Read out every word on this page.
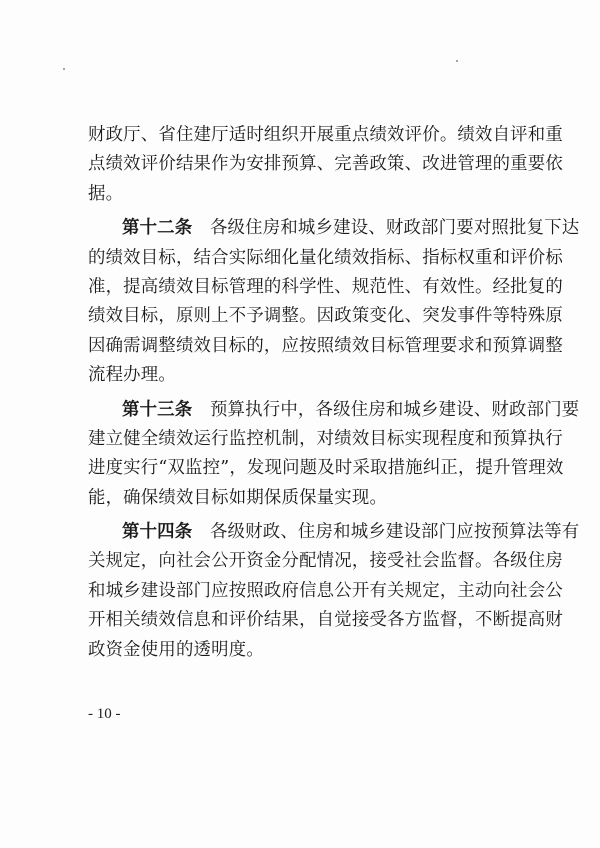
财政厅、省住建厅适时组织开展重点绩效评价。绩效自评和重
点绩效评价结果作为安排预算、完善政策、改进管理的重要依
据。

第十二条　 各级住房和城乡建设、财政部门要对照批复下达
的绩效目标，结合实际细化量化绩效指标、指标权重和评价标
准，提高绩效目标管理的科学性、规范性、有效性。经批复的
绩效目标，原则上不予调整。因政策变化、突发事件等特殊原
因确需调整绩效目标的，应按照绩效目标管理要求和预算调整
流程办理。

第十三条　 预算执行中，各级住房和城乡建设、财政部门要
建立健全绩效运行监控机制，对绩效目标实现程度和预算执行
进度实行“双监控”，发现问题及时采取措施纠正，提升管理效
能，确保绩效目标如期保质保量实现。

第十四条　 各级财政、住房和城乡建设部门应按预算法等有
关规定，向社会公开资金分配情况，接受社会监督。各级住房
和城乡建设部门应按照政府信息公开有关规定，主动向社会公
开相关绩效信息和评价结果，自觉接受各方监督，不断提高财
政资金使用的透明度。

- 10 -
